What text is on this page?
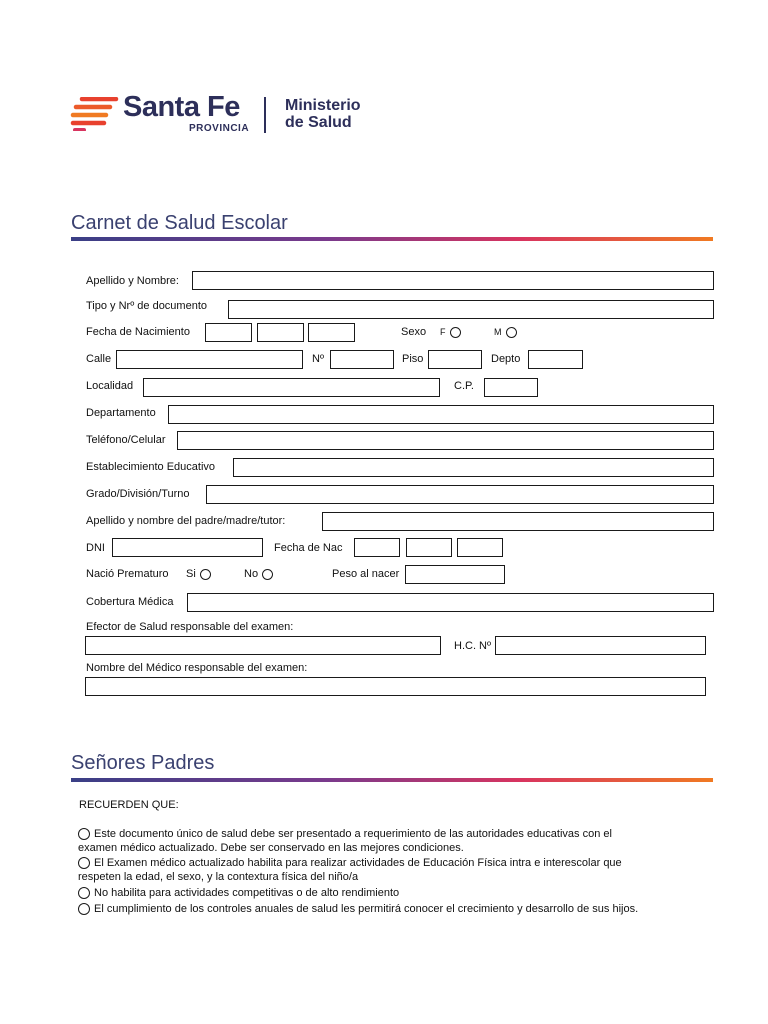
Santa Fe
PROVINCIA
Ministerio
de Salud
Carnet de Salud Escolar
Apellido y Nombre:
Tipo y Nrº de documento
Fecha de Nacimiento	Sexo F	M
Calle	Nº	Piso	Depto
Localidad	C.P.
Departamento
Teléfono/Celular
Establecimiento Educativo
Grado/División/Turno
Apellido y nombre del padre/madre/tutor:
DNI	Fecha de Nac
Nació Prematuro Si	No	Peso al nacer
Cobertura Médica
Efector de Salud responsable del examen:
H.C. Nº
Nombre del Médico responsable del examen:
Señores Padres
RECUERDEN QUE:
Este documento único de salud debe ser presentado a requerimiento de las autoridades educativas con el
examen médico actualizado. Debe ser conservado en las mejores condiciones.
El Examen médico actualizado habilita para realizar actividades de Educación Física intra e interescolar que
respeten la edad, el sexo, y la contextura física del niño/a
No habilita para actividades competitivas o de alto rendimiento
El cumplimiento de los controles anuales de salud les permitirá conocer el crecimiento y desarrollo de sus hijos.
